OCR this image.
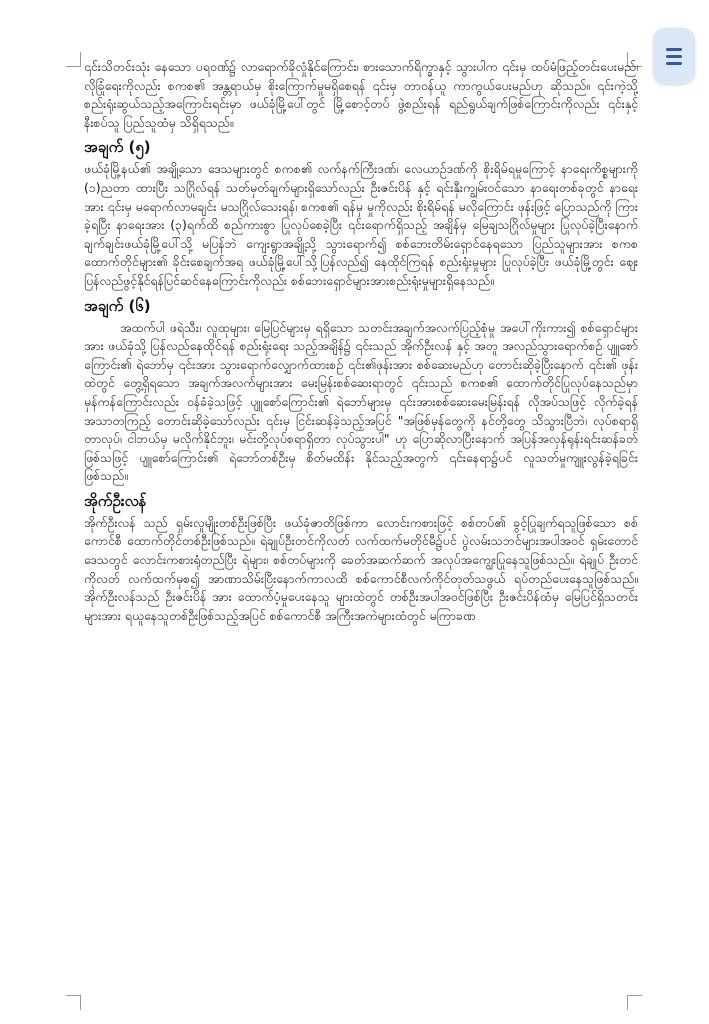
၎င်းသိတင်းသုံး နေသော ပရဝဏ်၌ လာရောက်ခိုလှုံနိုင်ကြောင်း၊ စားသောက်ရိက္ခာနှင့် သွားပါက ၎င်းမှ ထပ်မံဖြည့်တင်းပေးမည်၊ လိုခြုံရေးကိုလည်း စကစ၏ အန္တရာယ်မှ စိုးကြောက်မှုမရှိစေရန် ၎င်းမှ တာဝန်ယူ ကာကွယ်ပေးမည်ဟု ဆိုသည်။ ၎င်းကဲ့သို့ စည်းရုံးဆွယ်သည့်အကြောင်းရင်းမှာ ဖယ်ခုံမြို့ပေါ်တွင် မြို့စောင့်တပ် ဖွဲ့စည်းရန် ရည်ရွယ်ချက်ဖြစ်ကြောင်းကိုလည်း ၎င်းနှင့်နီးစပ်သူ ပြည်သူထံမှ သိရှိရသည်။

အချက် (၅)

ဖယ်ခုံမြို့နယ်၏ အချို့သော ဒေသများတွင် စကစ၏ လက်နက်ကြီးဒဏ်၊ လေယာဉ်ဒဏ်ကို စိုးရိမ်ရမှုကြောင့် နာရေးကိစ္စများကို (၁)ညတာ ထားပြီး သဂြိုလ်ရန် သတ်မှတ်ချက်များရှိသော်လည်း ဦးဇင်းပိန် နှင့် ရင်းနှီးကျွမ်းဝင်သော နာရေးတစ်ခုတွင် နာရေးအား ၎င်းမှ မရောက်လာမချင်း မသဂြိုလ်သေးရန်၊ စကစ၏ ရန်မှ မှုကိုလည်း စိုးရိမ်ရန် မလိုကြောင်း ဖုန်းဖြင့် ပြောသည်ကို ကြားခဲ့ရပြီး နာရေးအား (၃)ရက်ထိ စည်ကားစွာ ပြုလုပ်စေခဲ့ပြီး ၎င်းရောက်ရှိသည့် အချိန်မှ မြေချသဂြိုလ်မှုများ ပြုလုပ်ခဲ့ပြီးနောက် ချက်ချင်းဖယ်ခုံမြို့ပေါ်သို့ မပြန်ဘဲ ကျေးရွာအချို့သို့ သွားရောက်၍ စစ်ဘေးတိမ်းရှောင်နေရသော ပြည်သူများအား စကစထောက်တိုင်များ၏ ခိုင်းစေချက်အရ ဖယ်ခုံမြို့ပေါ်သို့ပြန်လည်၍ နေထိုင်ကြရန် စည်းရုံးမှုများ ပြုလုပ်ခဲ့ပြီး ဖယ်ခုံမြို့တွင်း ဈေးပြန်လည်ဖွင့်နိုင်ရန်ပြင်ဆင်နေကြောင်းကိုလည်း စစ်ဘေးရှောင်များအားစည်းရုံးမှုများရှိနေသည်။

အချက် (၆)

အထက်ပါ ဖရဲသီး၊ လူထုများ၊ မြေပြင်များမှ ရရှိသော သတင်းအချက်အလက်ပြည့်စုံမှု အပေါ်ကိုးကား၍ စစ်ရှောင်များအား ဖယ်ခုံသို့ ပြန်လည်နေထိုင်ရန် စည်းရုံးရေး သည့်အချိန်၌ ၎င်းသည် အိုက်ဦးလန် နှင့် အတူ အလည်သွားရောက်စဉ် ပျူစော်ကြောင်း၏ ရဲဘော်မှ ၎င်းအား သွားရောက်လျှောက်ထားစဉ် ၎င်း၏ဖုန်းအား စစ်ဆေးမည်ဟု တောင်းဆိုခဲ့ပြီးနောက် ၎င်း၏ ဖုန်းထဲတွင် တွေ့ရှိရသော အချက်အလက်များအား မေးမြန်းစစ်ဆေးရာတွင် ၎င်းသည် စကစ၏ ထောက်တိုင်ပြုလုပ်နေသည်မှာ မှန်ကန်ကြောင်းလည်း ဝန်ခံခဲ့သဖြင့် ပျူစော်ကြောင်း၏ ရဲဘော်များမှ ၎င်းအားစစ်ဆေးမေးမြန်းရန် လိုအပ်သဖြင့် လိုက်ခဲ့ရန်အသာတကြည့် တောင်းဆိုခဲ့သော်လည်း ၎င်းမှ ငြင်းဆန်ခဲ့သည့်အပြင် "အဖြစ်မှန်တွေကို နင်တို့တွေ သိသွားပြီဘဲ၊ လုပ်စရာရှိတာလုပ်၊ ငါဘယ်မှ မလိုက်နိုင်ဘူး၊ မင်းတို့လုပ်စရာရှိတာ လုပ်သွားပါ" ဟု ပြောဆိုလာပြီးနောက် အပြန်အလှန်ရုန်းရင်းဆန်ခတ်ဖြစ်သဖြင့် ပျူစော်ကြောင်း၏ ရဲဘော်တစ်ဦးမှ စိတ်မထိန်း နိုင်သည့်အတွက် ၎င်းနေရာ၌ပင် လူသတ်မှုကျူးလွန်ခဲ့ရခြင်းဖြစ်သည်။

အိုက်ဦးလန်

အိုက်ဦးလန် သည် ရှမ်းလူမျိုးတစ်ဦးဖြစ်ပြီး ဖယ်ခုံဇာတိဖြစ်ကာ လောင်းကစားဖြင့် စစ်တပ်၏ ခွင့်ပြုချက်ရသူဖြစ်သော စစ်ကောင်စီ ထောက်တိုင်တစ်ဦးဖြစ်သည်။ ရဲချုပ်ဦးတင်ကိုလတ် လက်ထက်မတိုင်မီ၌ပင် ပွဲလမ်းသဘင်များအပါအဝင် ရှမ်းတောင်ဒေသတွင် လောင်းကစားရုံတည်ပြီး ရဲများ၊ စစ်တပ်များကို ခေတ်အဆက်ဆက် အလုပ်အကျွေးပြုနေသူဖြစ်သည်။ ရဲချုပ် ဦးတင်ကိုလတ် လက်ထက်မှစ၍ အာဏာသိမ်းပြီးနောက်ကာလထိ စစ်ကောင်စီလက်ကိုင်တုတ်သဖွယ် ရပ်တည်ပေးနေသူဖြစ်သည်။ အိုက်ဦးလန်သည် ဦးဇင်းပိန် အား ထောက်ပံ့မှုပေးနေသူ များထဲတွင် တစ်ဦးအပါအဝင်ဖြစ်ပြီး ဦးဇင်းပိန်ထံမှ မြေပြင်ရှိသတင်းများအား ရယူနေသူတစ်ဦးဖြစ်သည့်အပြင် စစ်ကောင်စီ အကြီးအကဲများထံတွင် မကြာခဏ
